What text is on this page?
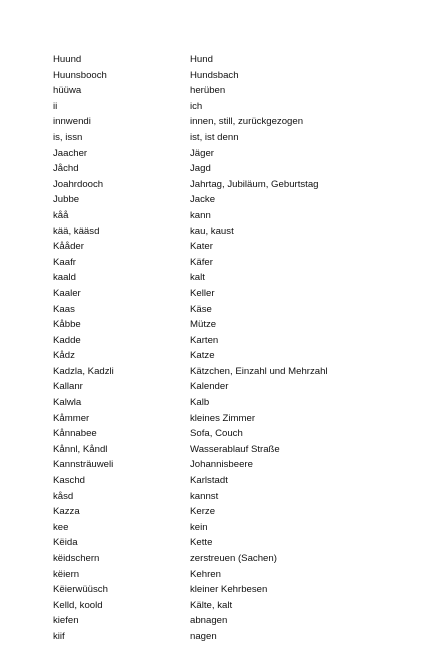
Huund	Hund
Huunsbooch	Hundsbach
hüüwa	herüben
ii	ich
innwendi	innen, still, zurückgezogen
is, issn	ist, ist denn
Jaacher	Jäger
Jåchd	Jagd
Joahrdooch	Jahrtag, Jubiläum, Geburtstag
Jubbe	Jacke
kåå	kann
kää, kääsd	kau, kaust
Kååder	Kater
Kaafr	Käfer
kaald	kalt
Kaaler	Keller
Kaas	Käse
Kåbbe	Mütze
Kadde	Karten
Kådz	Katze
Kadzla, Kadzli	Kätzchen, Einzahl und Mehrzahl
Kallanr	Kalender
Kalwla	Kalb
Kåmmer	kleines Zimmer
Kånnabee	Sofa, Couch
Kånnl, Kåndl	Wasserablauf Straße
Kannsträuweli	Johannisbeere
Kaschd	Karlstadt
kåsd	kannst
Kazza	Kerze
kee	kein
Këida	Kette
këidschern	zerstreuen (Sachen)
këiern	Kehren
Këierwüüsch	kleiner Kehrbesen
Kelld, koold	Kälte, kalt
kiefen	abnagen
kiif	nagen
